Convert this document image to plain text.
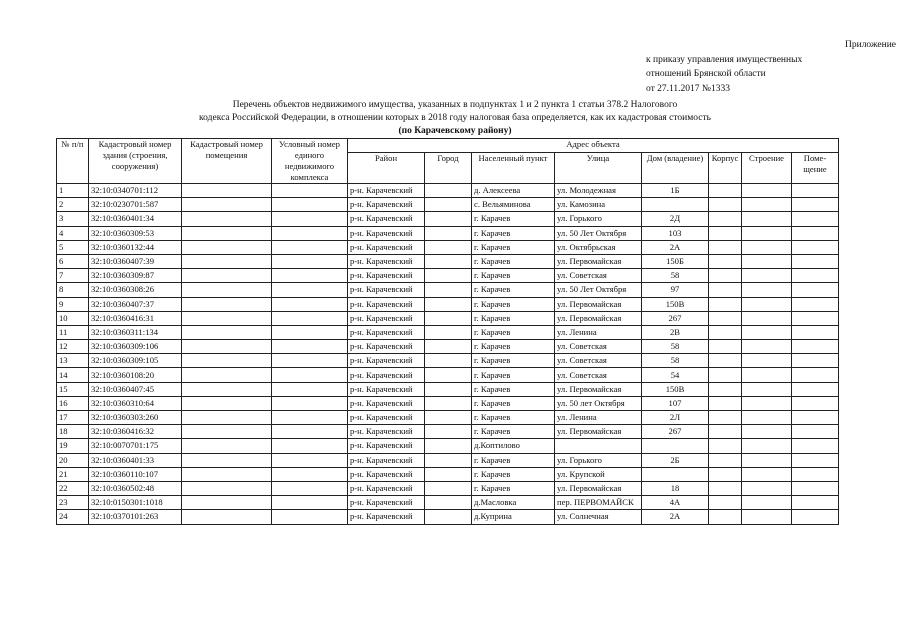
Приложение
к приказу управления имущественных
отношений Брянской области
от 27.11.2017 №1333
Перечень объектов недвижимого имущества, указанных в подпунктах 1 и 2 пункта 1 статьи 378.2 Налогового
кодекса Российской Федерации, в отношении которых в 2018 году налоговая база определяется, как их кадастровая стоимость
(по Карачевскому району)
№ п/п	Кадастровый номер здания (строения, сооружения)	Кадастровый номер помещения	Условный номер единого недвижимого комплекса	Адрес объекта							
				Район	Город	Населенный пункт	Улица	Дом (владение)	Корпус	Строение	Поме-щение
1	32:10:0340701:112			р-н. Карачевский		д. Алексеева	ул. Молодежная	1Б			
2	32:10:0230701:587			р-н. Карачевский		с. Вельяминова	ул. Камозина				
3	32:10:0360401:34			р-н. Карачевский		г. Карачев	ул. Горького	2Д			
4	32:10:0360309:53			р-н. Карачевский		г. Карачев	ул. 50 Лет Октября	103			
5	32:10:0360132:44			р-н. Карачевский		г. Карачев	ул. Октябрьская	2А			
6	32:10:0360407:39			р-н. Карачевский		г. Карачев	ул. Первомайская	150Б			
7	32:10:0360309:87			р-н. Карачевский		г. Карачев	ул. Советская	58			
8	32:10:0360308:26			р-н. Карачевский		г. Карачев	ул. 50 Лет Октября	97			
9	32:10:0360407:37			р-н. Карачевский		г. Карачев	ул. Первомайская	150В			
10	32:10:0360416:31			р-н. Карачевский		г. Карачев	ул. Первомайская	267			
11	32:10:0360311:134			р-н. Карачевский		г. Карачев	ул. Ленина	2В			
12	32:10:0360309:106			р-н. Карачевский		г. Карачев	ул. Советская	58			
13	32:10:0360309:105			р-н. Карачевский		г. Карачев	ул. Советская	58			
14	32:10:0360108:20			р-н. Карачевский		г. Карачев	ул. Советская	54			
15	32:10:0360407:45			р-н. Карачевский		г. Карачев	ул. Первомайская	150В			
16	32:10:0360310:64			р-н. Карачевский		г. Карачев	ул. 50 лет Октября	107			
17	32:10:0360303:260			р-н. Карачевский		г. Карачев	ул. Ленина	2Л			
18	32:10:0360416:32			р-н. Карачевский		г. Карачев	ул. Первомайская	267			
19	32:10:0070701:175			р-н. Карачевский		д.Коптилово					
20	32:10:0360401:33			р-н. Карачевский		г. Карачев	ул. Горького	2Б			
21	32:10:0360110:107			р-н. Карачевский		г. Карачев	ул. Крупской				
22	32:10:0360502:48			р-н. Карачевский		г. Карачев	ул. Первомайская	18			
23	32:10:0150301:1018			р-н. Карачевский		д.Масловка	пер. ПЕРВОМАЙСК	4А			
24	32:10:0370101:263			р-н. Карачевский		д.Куприна	ул. Солнечная	2А			
